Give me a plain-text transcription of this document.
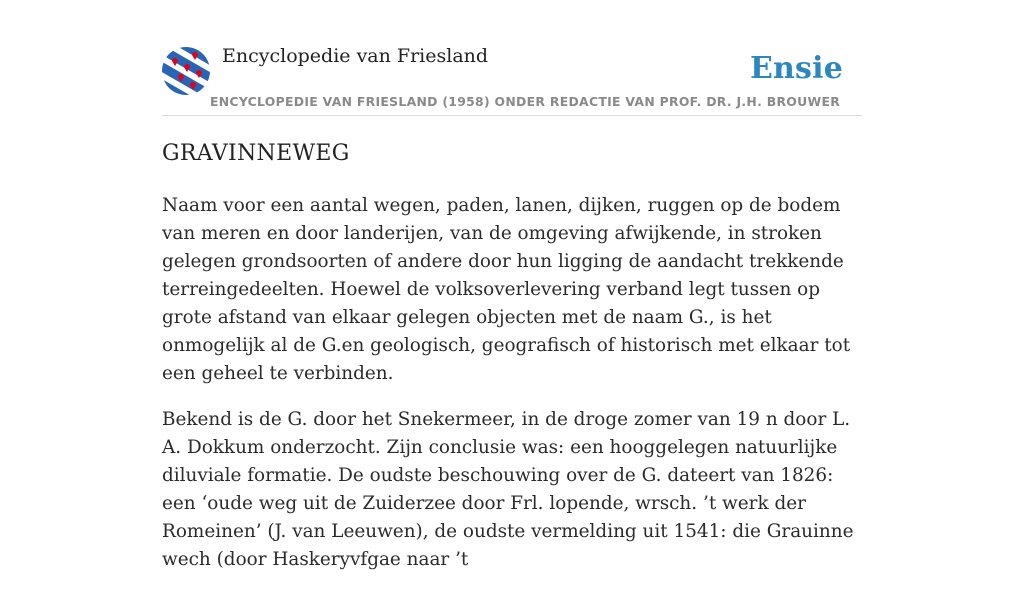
Encyclopedie van Friesland	Ensie
ENCYCLOPEDIE VAN FRIESLAND (1958) ONDER REDACTIE VAN PROF. DR. J.H. BROUWER
GRAVINNEWEG

Naam voor een aantal wegen, paden, lanen, dijken, ruggen op de bodem van meren en door landerijen, van de omgeving afwijkende, in stroken gelegen grondsoorten of andere door hun ligging de aandacht trekkende terreingedeelten. Hoewel de volksoverlevering verband legt tussen op grote afstand van elkaar gelegen objecten met de naam G., is het onmogelijk al de G.en geologisch, geografisch of historisch met elkaar tot een geheel te verbinden.

Bekend is de G. door het Snekermeer, in de droge zomer van 19 n door L. A. Dokkum onderzocht. Zijn conclusie was: een hooggelegen natuurlijke diluviale formatie. De oudste beschouwing over de G. dateert van 1826: een ‘oude weg uit de Zuiderzee door Frl. lopende, wrsch. ’t werk der Romeinen’ (J. van Leeuwen), de oudste vermelding uit 1541: die Grauinne wech (door Haskeryvfgae naar ’t
